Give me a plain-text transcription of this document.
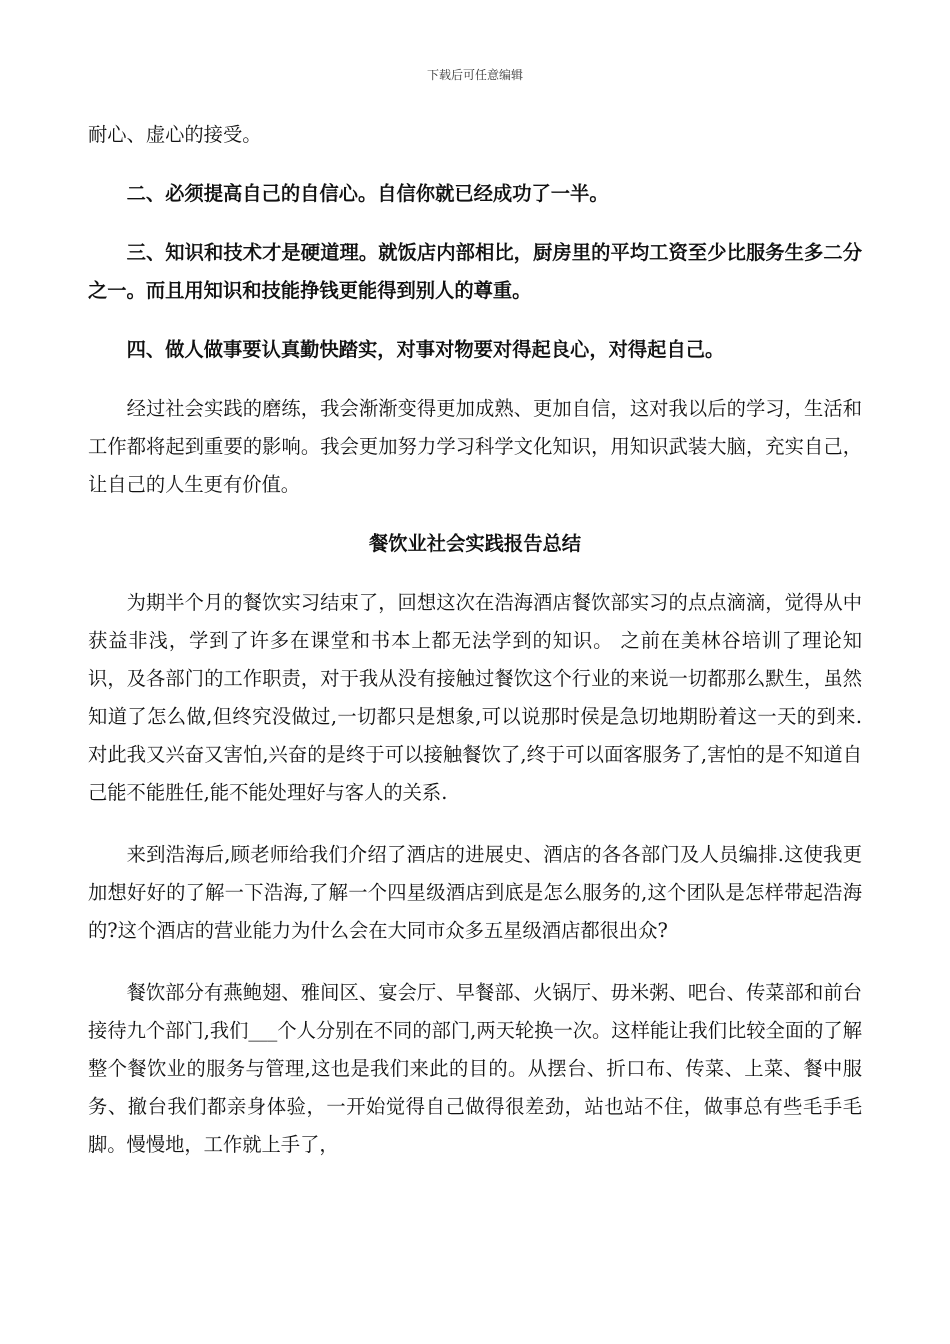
下载后可任意编辑

耐心、虚心的接受。

二、必须提高自己的自信心。自信你就已经成功了一半。

三、知识和技术才是硬道理。就饭店内部相比，厨房里的平均工资至少比服务生多二分之一。而且用知识和技能挣钱更能得到别人的尊重。

四、做人做事要认真勤快踏实，对事对物要对得起良心，对得起自己。

经过社会实践的磨练，我会渐渐变得更加成熟、更加自信，这对我以后的学习，生活和工作都将起到重要的影响。我会更加努力学习科学文化知识，用知识武装大脑，充实自己，让自己的人生更有价值。

餐饮业社会实践报告总结

为期半个月的餐饮实习结束了，回想这次在浩海酒店餐饮部实习的点点滴滴，觉得从中获益非浅，学到了许多在课堂和书本上都无法学到的知识。 之前在美林谷培训了理论知识，及各部门的工作职责，对于我从没有接触过餐饮这个行业的来说一切都那么默生，虽然知道了怎么做,但终究没做过,一切都只是想象,可以说那时侯是急切地期盼着这一天的到来.对此我又兴奋又害怕,兴奋的是终于可以接触餐饮了,终于可以面客服务了,害怕的是不知道自己能不能胜任,能不能处理好与客人的关系.

来到浩海后,顾老师给我们介绍了酒店的进展史、酒店的各各部门及人员编排.这使我更加想好好的了解一下浩海,了解一个四星级酒店到底是怎么服务的,这个团队是怎样带起浩海的?这个酒店的营业能力为什么会在大同市众多五星级酒店都很出众?

餐饮部分有燕鲍翅、雅间区、宴会厅、早餐部、火锅厅、毋米粥、吧台、传菜部和前台接待九个部门,我们___个人分别在不同的部门,两天轮换一次。这样能让我们比较全面的了解整个餐饮业的服务与管理,这也是我们来此的目的。从摆台、折口布、传菜、上菜、餐中服务、撤台我们都亲身体验，一开始觉得自己做得很差劲，站也站不住，做事总有些毛手毛脚。慢慢地，工作就上手了，
